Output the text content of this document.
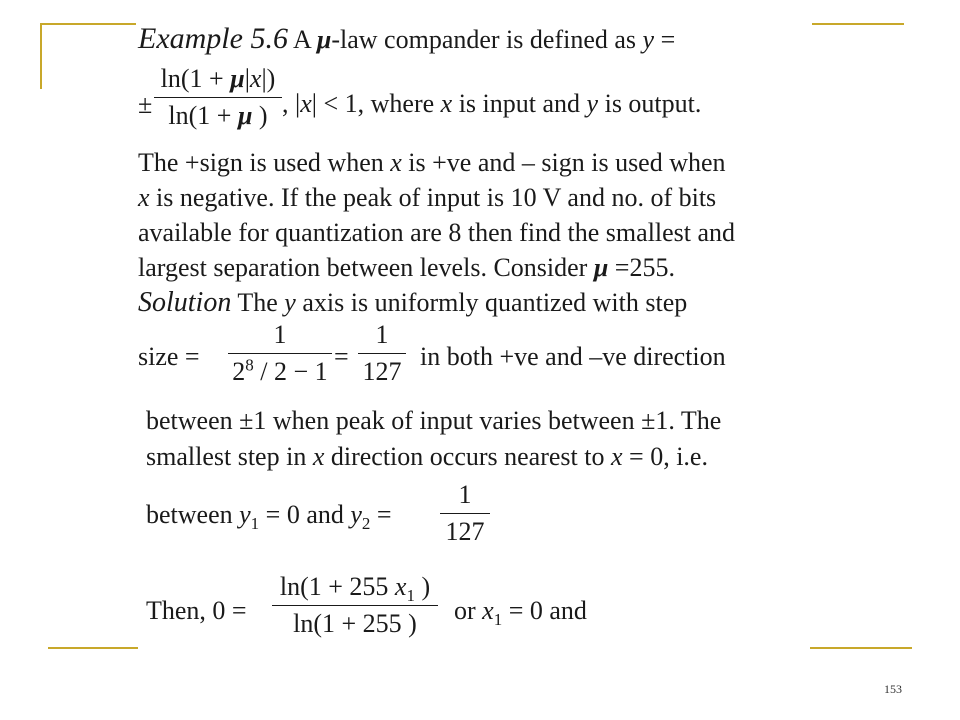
Example 5.6 A μ-law compander is defined as y =
±
ln(1 + μ|x|)
ln(1 + μ ) , |x| < 1, where x is input and y is output.
The +sign is used when x is +ve and – sign is used when
x is negative. If the peak of input is 10 V and no. of bits
available for quantization are 8 then find the smallest and
largest separation between levels. Consider μ =255.
Solution The y axis is uniformly quantized with step
size =
1
$2^8 / 2 - 1$
=
1
127
in both +ve and –ve direction
between ±1 when peak of input varies between ±1. The
smallest step in x direction occurs nearest to x = 0, i.e.
between $y_1 = 0$ and $y_2$ =
1
127
Then, 0 =
ln(1 + 255 $x_1$ )
ln(1 + 255 )	or $x_1 = 0$ and
153
